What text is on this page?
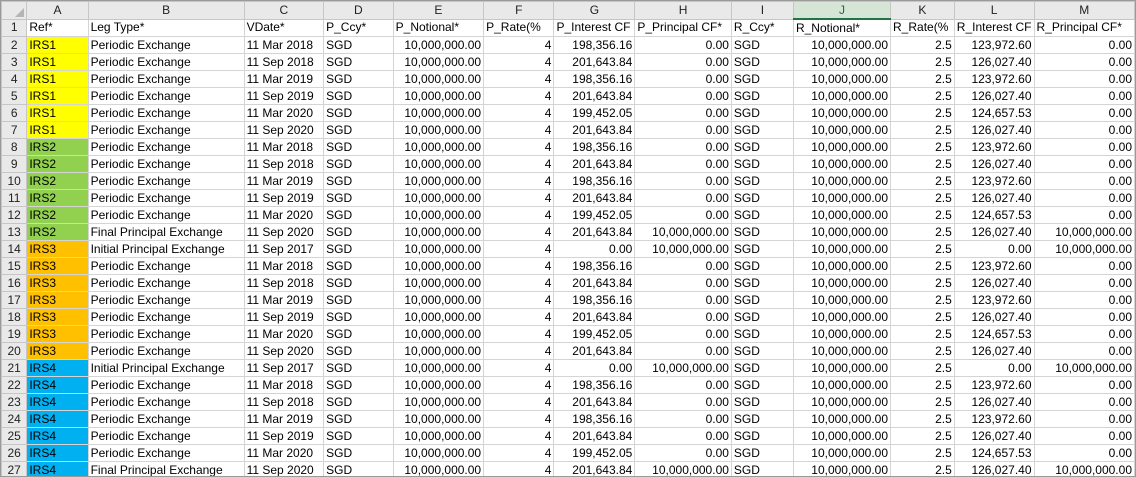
	A	B	C	D	E	F	G	H	I	J	K	L	M
1	Ref*	Leg Type*	VDate*	P_Ccy*	P_Notional*	P_Rate(%	P_Interest CF	P_Principal CF*	R_Ccy*	R_Notional*	R_Rate(%	R_Interest CF	R_Principal CF*
2	IRS1	Periodic Exchange	11 Mar 2018	SGD	10,000,000.00	4	198,356.16	0.00	SGD	10,000,000.00	2.5	123,972.60	0.00
3	IRS1	Periodic Exchange	11 Sep 2018	SGD	10,000,000.00	4	201,643.84	0.00	SGD	10,000,000.00	2.5	126,027.40	0.00
4	IRS1	Periodic Exchange	11 Mar 2019	SGD	10,000,000.00	4	198,356.16	0.00	SGD	10,000,000.00	2.5	123,972.60	0.00
5	IRS1	Periodic Exchange	11 Sep 2019	SGD	10,000,000.00	4	201,643.84	0.00	SGD	10,000,000.00	2.5	126,027.40	0.00
6	IRS1	Periodic Exchange	11 Mar 2020	SGD	10,000,000.00	4	199,452.05	0.00	SGD	10,000,000.00	2.5	124,657.53	0.00
7	IRS1	Periodic Exchange	11 Sep 2020	SGD	10,000,000.00	4	201,643.84	0.00	SGD	10,000,000.00	2.5	126,027.40	0.00
8	IRS2	Periodic Exchange	11 Mar 2018	SGD	10,000,000.00	4	198,356.16	0.00	SGD	10,000,000.00	2.5	123,972.60	0.00
9	IRS2	Periodic Exchange	11 Sep 2018	SGD	10,000,000.00	4	201,643.84	0.00	SGD	10,000,000.00	2.5	126,027.40	0.00
10	IRS2	Periodic Exchange	11 Mar 2019	SGD	10,000,000.00	4	198,356.16	0.00	SGD	10,000,000.00	2.5	123,972.60	0.00
11	IRS2	Periodic Exchange	11 Sep 2019	SGD	10,000,000.00	4	201,643.84	0.00	SGD	10,000,000.00	2.5	126,027.40	0.00
12	IRS2	Periodic Exchange	11 Mar 2020	SGD	10,000,000.00	4	199,452.05	0.00	SGD	10,000,000.00	2.5	124,657.53	0.00
13	IRS2	Final Principal Exchange	11 Sep 2020	SGD	10,000,000.00	4	201,643.84	10,000,000.00	SGD	10,000,000.00	2.5	126,027.40	10,000,000.00
14	IRS3	Initial Principal Exchange	11 Sep 2017	SGD	10,000,000.00	4	0.00	10,000,000.00	SGD	10,000,000.00	2.5	0.00	10,000,000.00
15	IRS3	Periodic Exchange	11 Mar 2018	SGD	10,000,000.00	4	198,356.16	0.00	SGD	10,000,000.00	2.5	123,972.60	0.00
16	IRS3	Periodic Exchange	11 Sep 2018	SGD	10,000,000.00	4	201,643.84	0.00	SGD	10,000,000.00	2.5	126,027.40	0.00
17	IRS3	Periodic Exchange	11 Mar 2019	SGD	10,000,000.00	4	198,356.16	0.00	SGD	10,000,000.00	2.5	123,972.60	0.00
18	IRS3	Periodic Exchange	11 Sep 2019	SGD	10,000,000.00	4	201,643.84	0.00	SGD	10,000,000.00	2.5	126,027.40	0.00
19	IRS3	Periodic Exchange	11 Mar 2020	SGD	10,000,000.00	4	199,452.05	0.00	SGD	10,000,000.00	2.5	124,657.53	0.00
20	IRS3	Periodic Exchange	11 Sep 2020	SGD	10,000,000.00	4	201,643.84	0.00	SGD	10,000,000.00	2.5	126,027.40	0.00
21	IRS4	Initial Principal Exchange	11 Sep 2017	SGD	10,000,000.00	4	0.00	10,000,000.00	SGD	10,000,000.00	2.5	0.00	10,000,000.00
22	IRS4	Periodic Exchange	11 Mar 2018	SGD	10,000,000.00	4	198,356.16	0.00	SGD	10,000,000.00	2.5	123,972.60	0.00
23	IRS4	Periodic Exchange	11 Sep 2018	SGD	10,000,000.00	4	201,643.84	0.00	SGD	10,000,000.00	2.5	126,027.40	0.00
24	IRS4	Periodic Exchange	11 Mar 2019	SGD	10,000,000.00	4	198,356.16	0.00	SGD	10,000,000.00	2.5	123,972.60	0.00
25	IRS4	Periodic Exchange	11 Sep 2019	SGD	10,000,000.00	4	201,643.84	0.00	SGD	10,000,000.00	2.5	126,027.40	0.00
26	IRS4	Periodic Exchange	11 Mar 2020	SGD	10,000,000.00	4	199,452.05	0.00	SGD	10,000,000.00	2.5	124,657.53	0.00
27	IRS4	Final Principal Exchange	11 Sep 2020	SGD	10,000,000.00	4	201,643.84	10,000,000.00	SGD	10,000,000.00	2.5	126,027.40	10,000,000.00
